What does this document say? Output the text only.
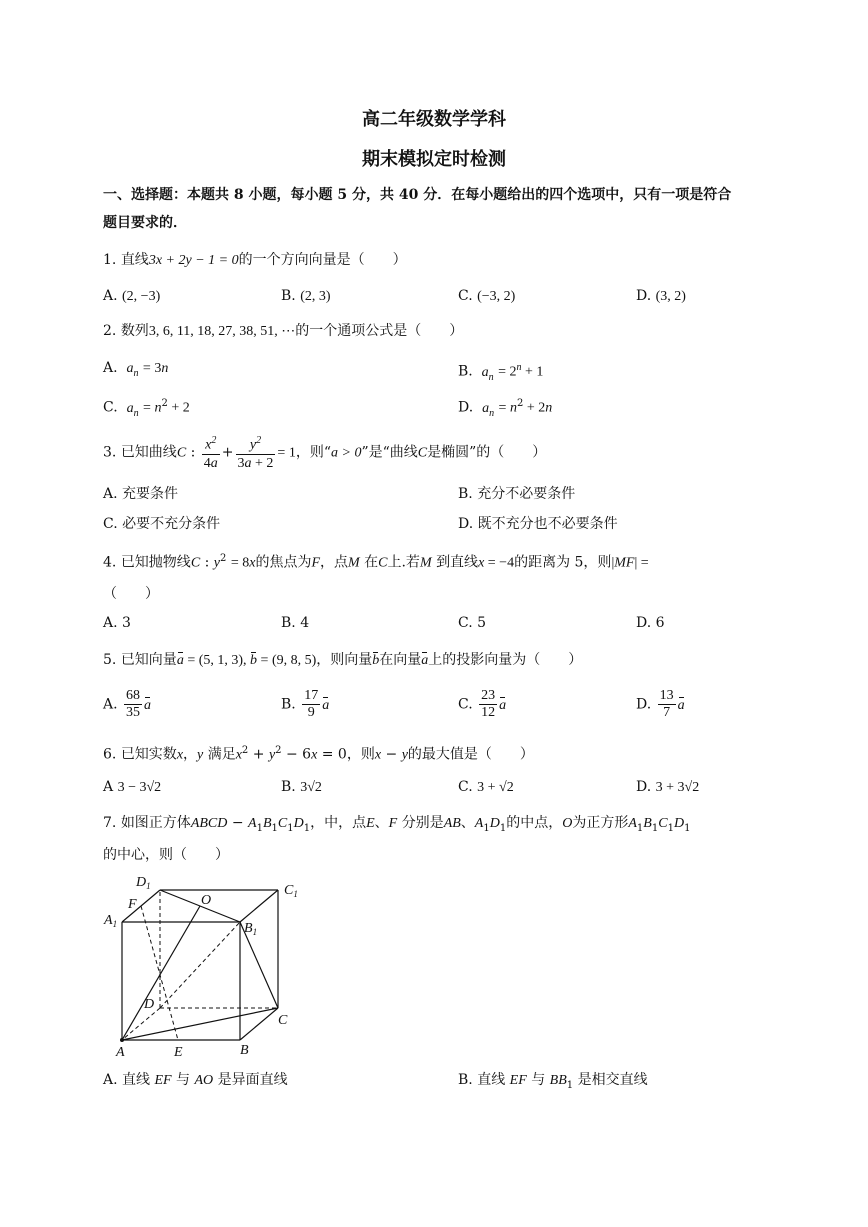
高二年级数学学科
期末模拟定时检测
一、选择题：本题共 8 小题，每小题 5 分，共 40 分．在每小题给出的四个选项中，只有一项是符合
题目要求的．
1. 直线3x + 2y − 1 = 0的一个方向向量是（　　）
A. (2, −3)	B. (2, 3)	C. (−3, 2)	D. (3, 2)
2. 数列3, 6, 11, 18, 27, 38, 51, ⋯的一个通项公式是（　　）
A. $a_n = 3n$	B. $a_n = 2^n + 1$
C. $a_n = n^2 + 2$	D. $a_n = n^2 + 2n$
3. 已知曲线C : $\frac{x^2}{4a} + \frac{y^2}{3a + 2} = 1$，则“a > 0”是“曲线C是椭圆”的（　　）
A. 充要条件	B. 充分不必要条件
C. 必要不充分条件	D. 既不充分也不必要条件
4. 已知抛物线C : $y^2 = 8x$的焦点为F，点M 在C上.若M 到直线x = −4的距离为 5，则|MF| =
（　　）
A. 3	B. 4	C. 5	D. 6
5. 已知向量a = (5, 1, 3), b = (9, 8, 5)，则向量b在向量a上的投影向量为（　　）
A. $\frac{68}{35}$ a	B. $\frac{17}{9}$ a	C. $\frac{23}{12}$ a	D. $\frac{13}{7}$ a
6. 已知实数x，y 满足$x^2 + y^2 - 6x = 0$，则x − y的最大值是（　　）
A 3 − 3√2	B. 3√2	C. 3 + √2	D. 3 + 3√2
7. 如图正方体ABCD − $A_1B_1C_1D_1$，中，点E、F 分别是AB、$A_1D_1$的中点，O为正方形$A_1B_1C_1D_1$
的中心，则（　　）
$D_1$	$C_1$
$A_1$	$B_1$
F	O
D
C
A	E	B
A. 直线 EF 与 AO 是异面直线	B. 直线 EF 与 $BB_1$ 是相交直线
